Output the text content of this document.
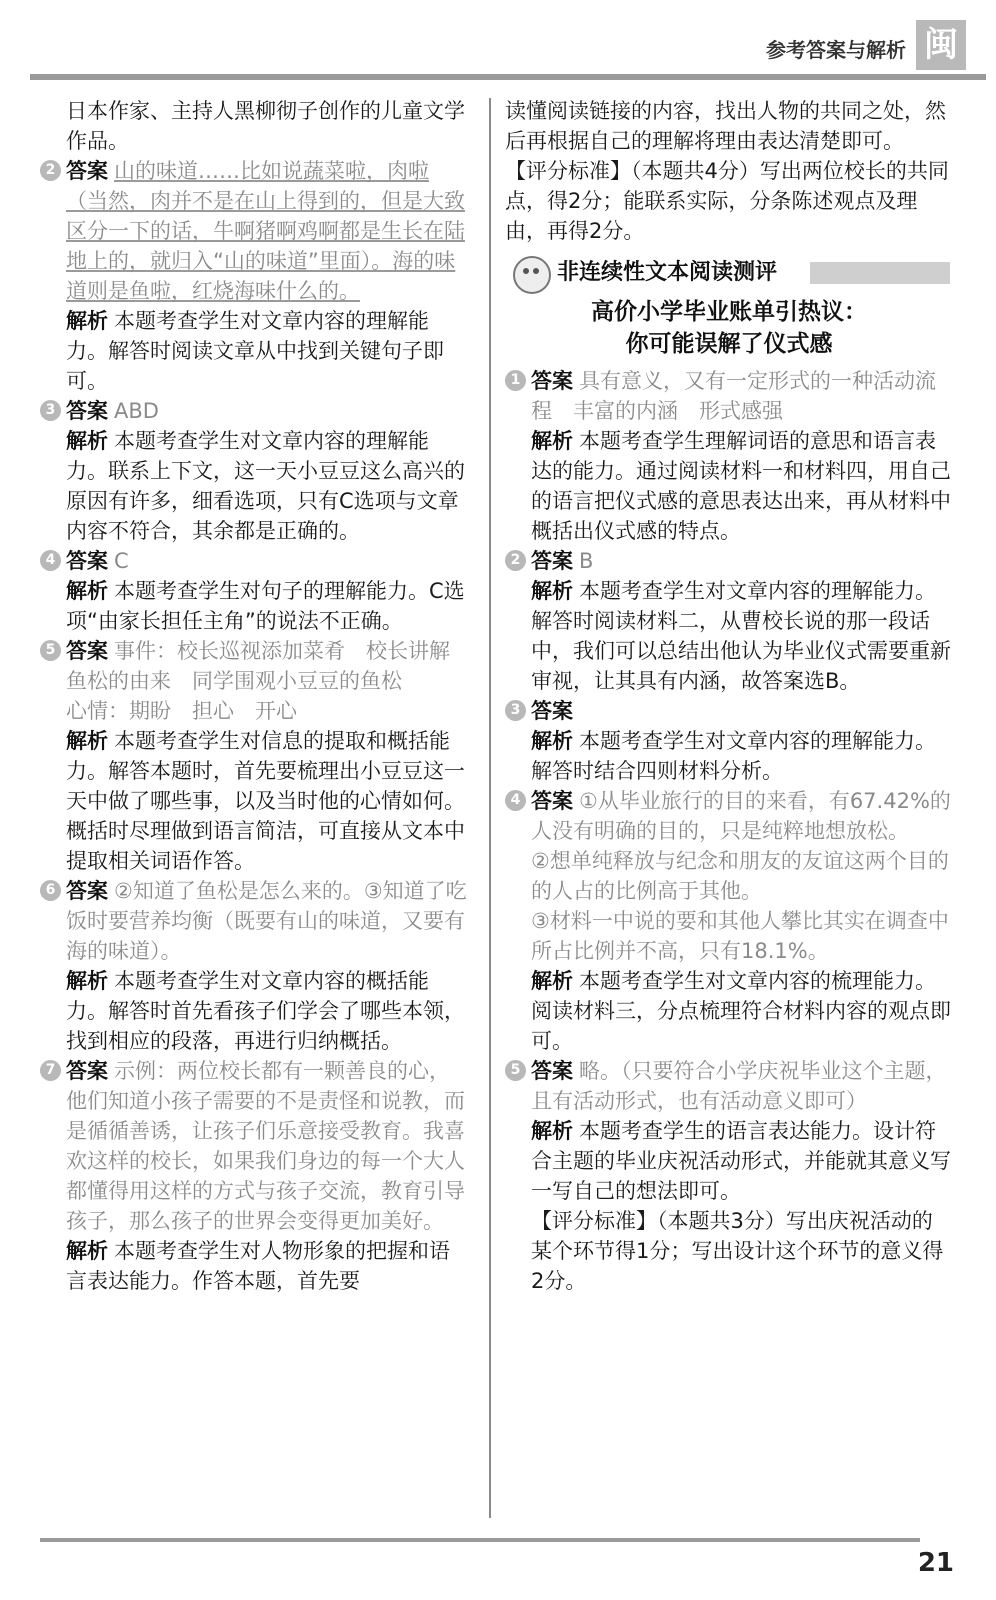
参考答案与解析 闽

日本作家、主持人黑柳彻子创作的儿童文学作品。

2 答案 山的味道……比如说蔬菜啦，肉啦（当然，肉并不是在山上得到的，但是大致区分一下的话，牛啊猪啊鸡啊都是生长在陆地上的，就归入“山的味道”里面）。海的味道则是鱼啦，红烧海味什么的。

解析 本题考查学生对文章内容的理解能力。解答时阅读文章从中找到关键句子即可。

3 答案 ABD

解析 本题考查学生对文章内容的理解能力。联系上下文，这一天小豆豆这么高兴的原因有许多，细看选项，只有C选项与文章内容不符合，其余都是正确的。

4 答案 C

解析 本题考查学生对句子的理解能力。C选项“由家长担任主角”的说法不正确。

5 答案 事件：校长巡视添加菜肴　校长讲解鱼松的由来　同学围观小豆豆的鱼松

心情：期盼　担心　开心

解析 本题考查学生对信息的提取和概括能力。解答本题时，首先要梳理出小豆豆这一天中做了哪些事，以及当时他的心情如何。概括时尽理做到语言简洁，可直接从文本中提取相关词语作答。

6 答案 ②知道了鱼松是怎么来的。③知道了吃饭时要营养均衡（既要有山的味道，又要有海的味道）。

解析 本题考查学生对文章内容的概括能力。解答时首先看孩子们学会了哪些本领，找到相应的段落，再进行归纳概括。

7 答案 示例：两位校长都有一颗善良的心，他们知道小孩子需要的不是责怪和说教，而是循循善诱，让孩子们乐意接受教育。我喜欢这样的校长，如果我们身边的每一个大人都懂得用这样的方式与孩子交流，教育引导孩子，那么孩子的世界会变得更加美好。

解析 本题考查学生对人物形象的把握和语言表达能力。作答本题，首先要

读懂阅读链接的内容，找出人物的共同之处，然后再根据自己的理解将理由表达清楚即可。

【评分标准】（本题共4分）写出两位校长的共同点，得2分；能联系实际，分条陈述观点及理由，再得2分。

非连续性文本阅读测评

高价小学毕业账单引热议：
你可能误解了仪式感

1 答案 具有意义，又有一定形式的一种活动流程　丰富的内涵　形式感强

解析 本题考查学生理解词语的意思和语言表达的能力。通过阅读材料一和材料四，用自己的语言把仪式感的意思表达出来，再从材料中概括出仪式感的特点。

2 答案 B

解析 本题考查学生对文章内容的理解能力。解答时阅读材料二，从曹校长说的那一段话中，我们可以总结出他认为毕业仪式需要重新审视，让其具有内涵，故答案选B。

3 答案

解析 本题考查学生对文章内容的理解能力。解答时结合四则材料分析。

4 答案 ①从毕业旅行的目的来看，有67.42%的人没有明确的目的，只是纯粹地想放松。

②想单纯释放与纪念和朋友的友谊这两个目的的人占的比例高于其他。

③材料一中说的要和其他人攀比其实在调查中所占比例并不高，只有18.1%。

解析 本题考查学生对文章内容的梳理能力。阅读材料三，分点梳理符合材料内容的观点即可。

5 答案 略。（只要符合小学庆祝毕业这个主题，且有活动形式，也有活动意义即可）

解析 本题考查学生的语言表达能力。设计符合主题的毕业庆祝活动形式，并能就其意义写一写自己的想法即可。

【评分标准】（本题共3分）写出庆祝活动的某个环节得1分；写出设计这个环节的意义得2分。

21
